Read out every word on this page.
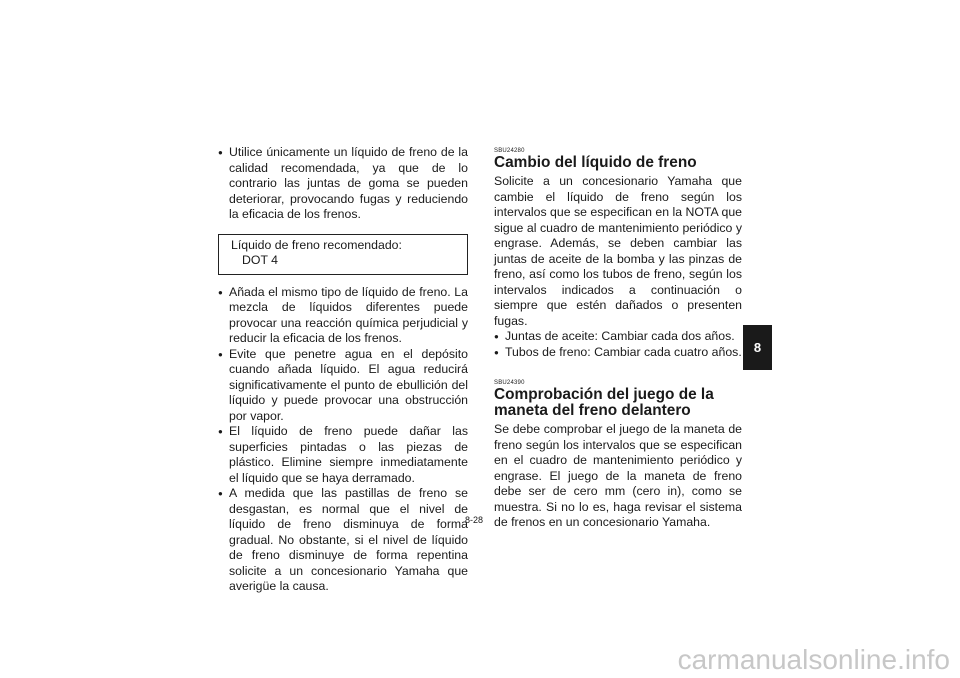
● Utilice únicamente un líquido de freno de la calidad recomendada, ya que de lo contrario las juntas de goma se pueden deteriorar, provocando fugas y reduciendo la eficacia de los frenos.

Líquido de freno recomendado:
DOT 4

● Añada el mismo tipo de líquido de freno. La mezcla de líquidos diferentes puede provocar una reacción química perjudicial y reducir la eficacia de los frenos.

● Evite que penetre agua en el depósito cuando añada líquido. El agua reducirá significativamente el punto de ebullición del líquido y puede provocar una obstrucción por vapor.

● El líquido de freno puede dañar las superficies pintadas o las piezas de plástico. Elimine siempre inmediatamente el líquido que se haya derramado.

● A medida que las pastillas de freno se desgastan, es normal que el nivel de líquido de freno disminuya de forma gradual. No obstante, si el nivel de líquido de freno disminuye de forma repentina solicite a un concesionario Yamaha que averigüe la causa.

SBU24280
Cambio del líquido de freno

Solicite a un concesionario Yamaha que cambie el líquido de freno según los intervalos que se especifican en la NOTA que sigue al cuadro de mantenimiento periódico y engrase. Además, se deben cambiar las juntas de aceite de la bomba y las pinzas de freno, así como los tubos de freno, según los intervalos indicados a continuación o siempre que estén dañados o presenten fugas.

● Juntas de aceite: Cambiar cada dos años.

● Tubos de freno: Cambiar cada cuatro años.

SBU24390
Comprobación del juego de la maneta del freno delantero

Se debe comprobar el juego de la maneta de freno según los intervalos que se especifican en el cuadro de mantenimiento periódico y engrase. El juego de la maneta de freno debe ser de cero mm (cero in), como se muestra. Si no lo es, haga revisar el sistema de frenos en un concesionario Yamaha.

8
8-28
carmanualsonline.info
